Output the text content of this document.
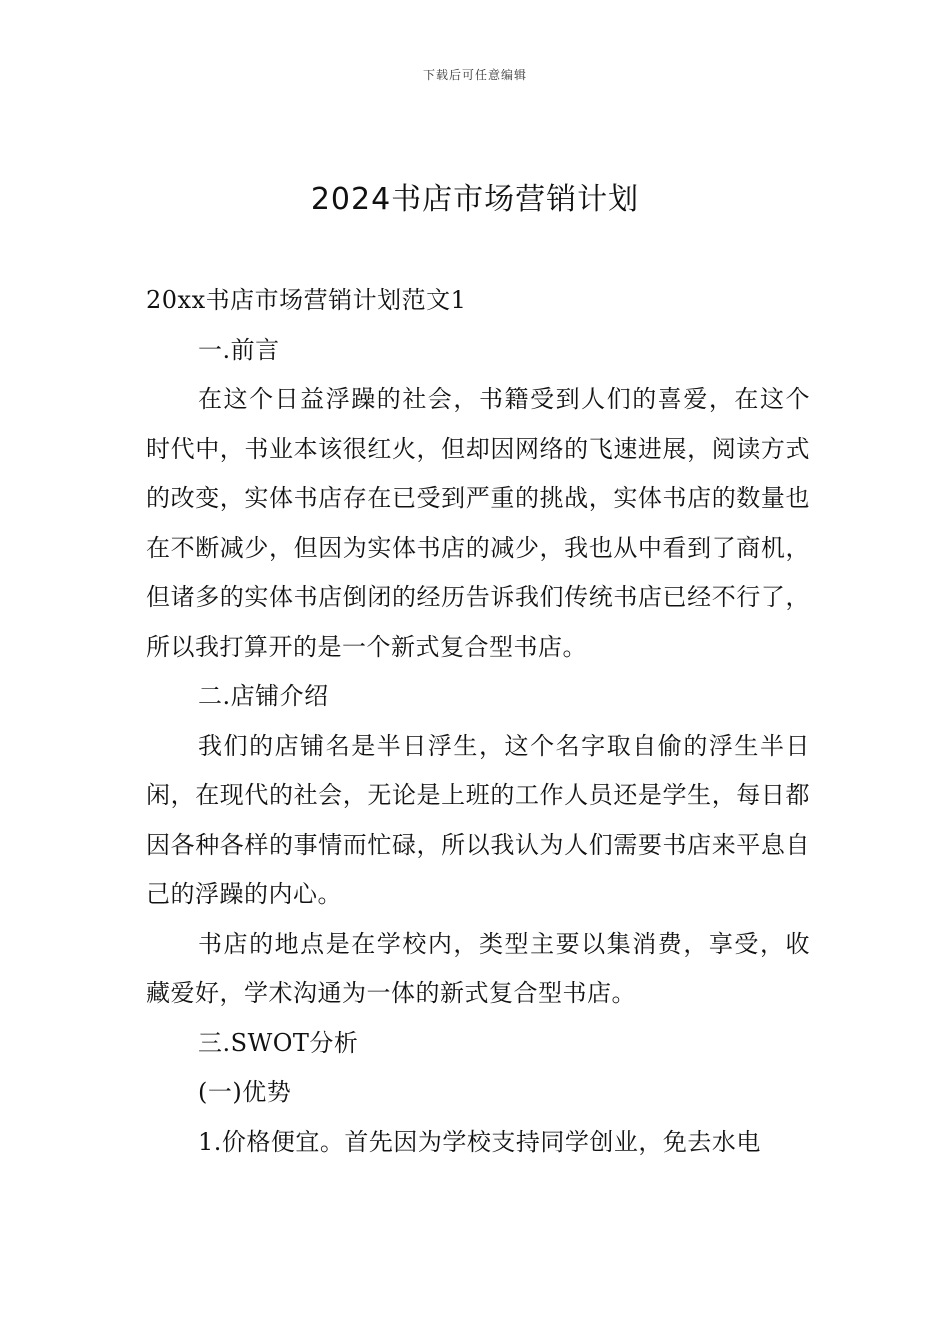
下载后可任意编辑
2024书店市场营销计划

20xx书店市场营销计划范文1

一.前言

在这个日益浮躁的社会，书籍受到人们的喜爱，在这个时代中，书业本该很红火，但却因网络的飞速进展，阅读方式的改变，实体书店存在已受到严重的挑战，实体书店的数量也在不断减少，但因为实体书店的减少，我也从中看到了商机，但诸多的实体书店倒闭的经历告诉我们传统书店已经不行了，所以我打算开的是一个新式复合型书店。

二.店铺介绍

我们的店铺名是半日浮生，这个名字取自偷的浮生半日闲，在现代的社会，无论是上班的工作人员还是学生，每日都因各种各样的事情而忙碌，所以我认为人们需要书店来平息自己的浮躁的内心。

书店的地点是在学校内，类型主要以集消费，享受，收藏爱好，学术沟通为一体的新式复合型书店。

三.SWOT分析

(一)优势

1.价格便宜。首先因为学校支持同学创业，免去水电
